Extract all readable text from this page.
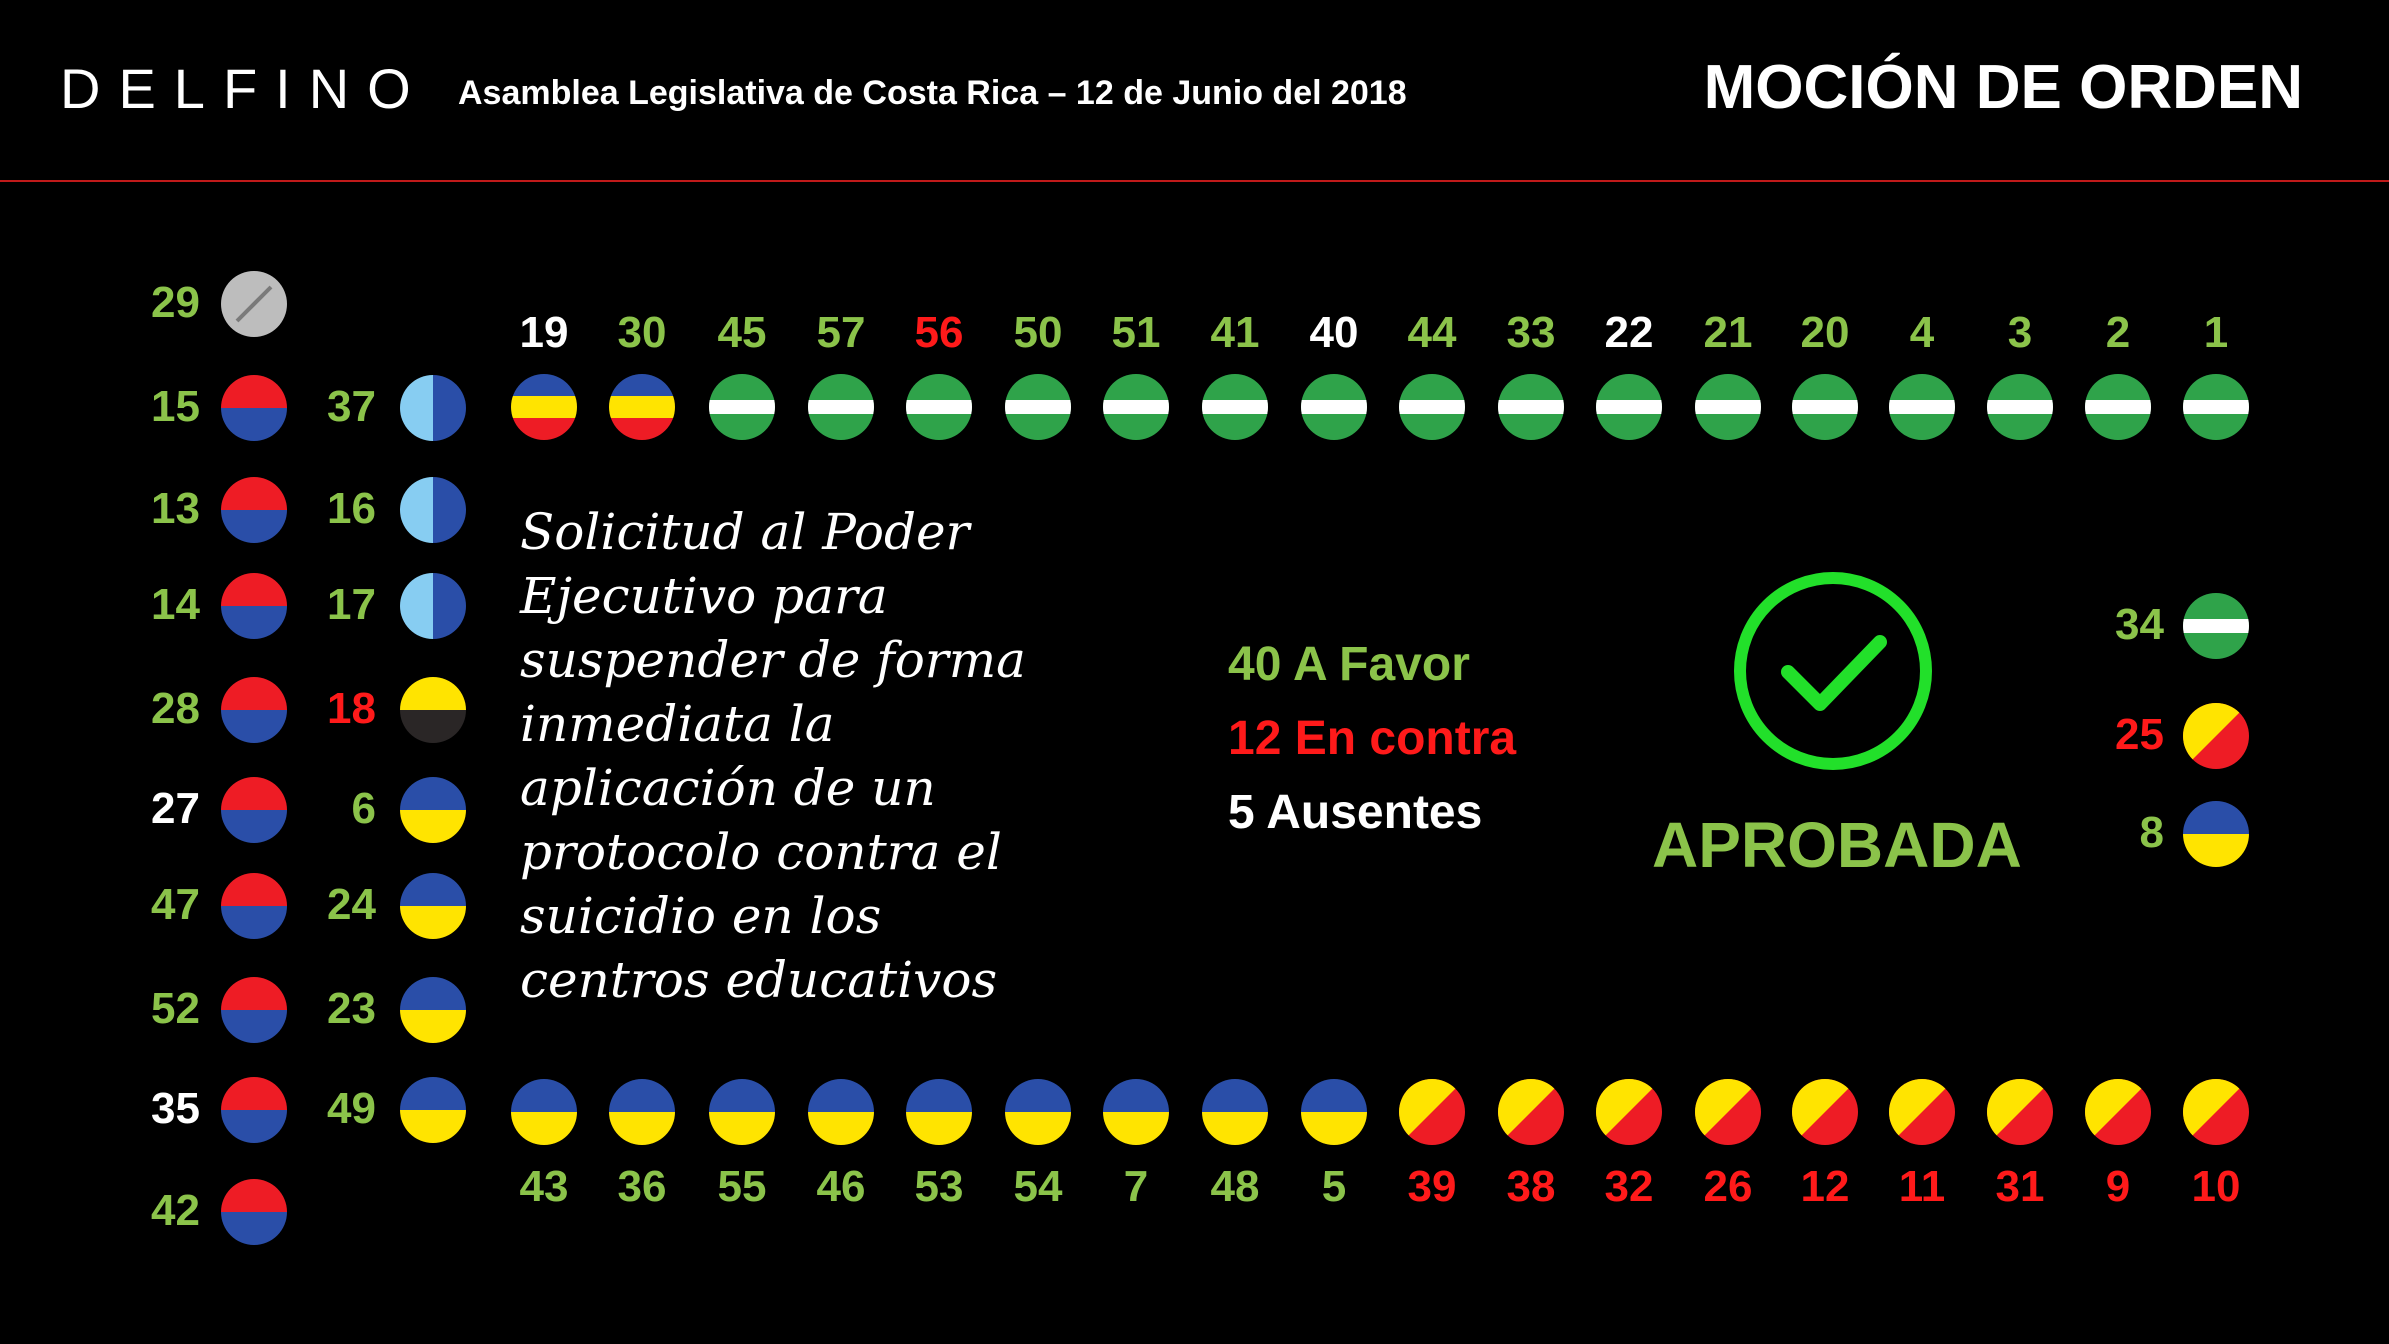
DELFINO Asamblea Legislativa de Costa Rica – 12 de Junio del 2018	MOCIÓN DE ORDEN
29
15
13
14
28
27
47
52
35
42
37
16
17
18
6
24
23
49
19	30	45	57	56	50	51	41	40	44	33	22	21	20	4	3	2	1
43	36	55	46	53	54	7	48	5	39	38	32	26	12	11	31	9	10
34
25
8
Solicitud al Poder Ejecutivo para suspender de forma inmediata la aplicación de un protocolo contra el suicidio en los centros educativos
40 A Favor
12 En contra
5 Ausentes	APROBADA
